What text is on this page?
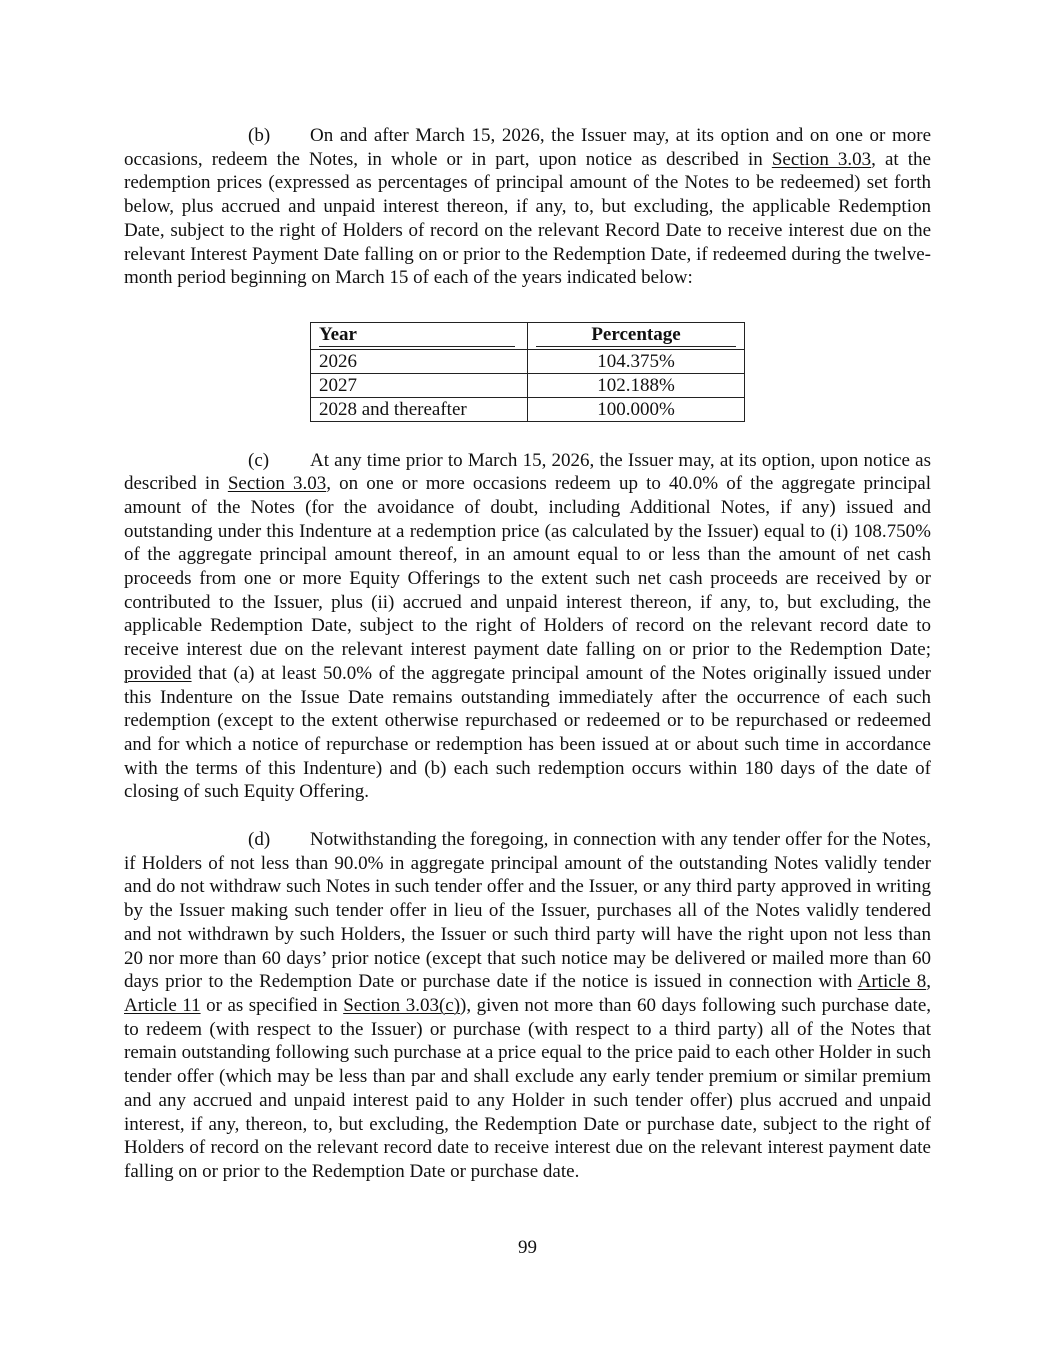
(b) On and after March 15, 2026, the Issuer may, at its option and on one or more occasions, redeem the Notes, in whole or in part, upon notice as described in Section 3.03, at the redemption prices (expressed as percentages of principal amount of the Notes to be redeemed) set forth below, plus accrued and unpaid interest thereon, if any, to, but excluding, the applicable Redemption Date, subject to the right of Holders of record on the relevant Record Date to receive interest due on the relevant Interest Payment Date falling on or prior to the Redemption Date, if redeemed during the twelve-month period beginning on March 15 of each of the years indicated below:

Year	Percentage
2026	104.375%
2027	102.188%
2028 and thereafter	100.000%

(c) At any time prior to March 15, 2026, the Issuer may, at its option, upon notice as described in Section 3.03, on one or more occasions redeem up to 40.0% of the aggregate principal amount of the Notes (for the avoidance of doubt, including Additional Notes, if any) issued and outstanding under this Indenture at a redemption price (as calculated by the Issuer) equal to (i) 108.750% of the aggregate principal amount thereof, in an amount equal to or less than the amount of net cash proceeds from one or more Equity Offerings to the extent such net cash proceeds are received by or contributed to the Issuer, plus (ii) accrued and unpaid interest thereon, if any, to, but excluding, the applicable Redemption Date, subject to the right of Holders of record on the relevant record date to receive interest due on the relevant interest payment date falling on or prior to the Redemption Date; provided that (a) at least 50.0% of the aggregate principal amount of the Notes originally issued under this Indenture on the Issue Date remains outstanding immediately after the occurrence of each such redemption (except to the extent otherwise repurchased or redeemed or to be repurchased or redeemed and for which a notice of repurchase or redemption has been issued at or about such time in accordance with the terms of this Indenture) and (b) each such redemption occurs within 180 days of the date of closing of such Equity Offering.

(d) Notwithstanding the foregoing, in connection with any tender offer for the Notes, if Holders of not less than 90.0% in aggregate principal amount of the outstanding Notes validly tender and do not withdraw such Notes in such tender offer and the Issuer, or any third party approved in writing by the Issuer making such tender offer in lieu of the Issuer, purchases all of the Notes validly tendered and not withdrawn by such Holders, the Issuer or such third party will have the right upon not less than 20 nor more than 60 days’ prior notice (except that such notice may be delivered or mailed more than 60 days prior to the Redemption Date or purchase date if the notice is issued in connection with Article 8, Article 11 or as specified in Section 3.03(c)), given not more than 60 days following such purchase date, to redeem (with respect to the Issuer) or purchase (with respect to a third party) all of the Notes that remain outstanding following such purchase at a price equal to the price paid to each other Holder in such tender offer (which may be less than par and shall exclude any early tender premium or similar premium and any accrued and unpaid interest paid to any Holder in such tender offer) plus accrued and unpaid interest, if any, thereon, to, but excluding, the Redemption Date or purchase date, subject to the right of Holders of record on the relevant record date to receive interest due on the relevant interest payment date falling on or prior to the Redemption Date or purchase date.

99
